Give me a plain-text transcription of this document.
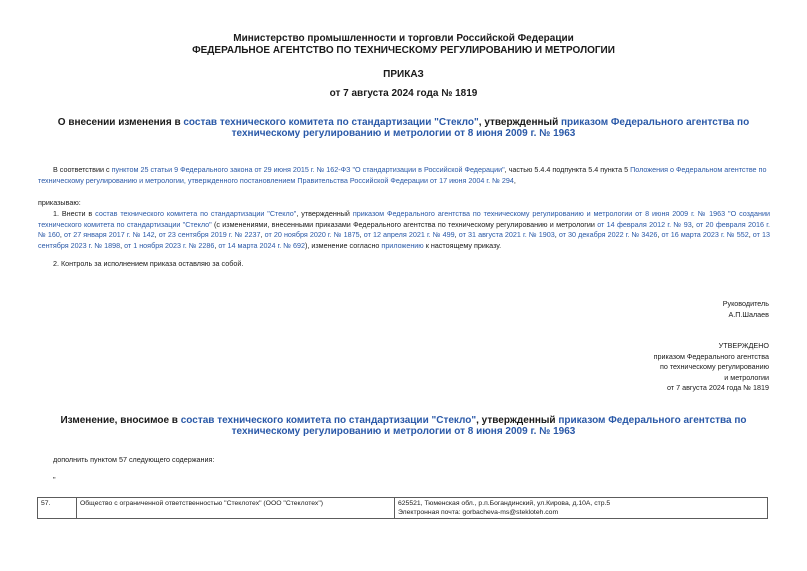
Министерство промышленности и торговли Российской Федерации
ФЕДЕРАЛЬНОЕ АГЕНТСТВО ПО ТЕХНИЧЕСКОМУ РЕГУЛИРОВАНИЮ И МЕТРОЛОГИИ
ПРИКАЗ
от 7 августа 2024 года № 1819
О внесении изменения в состав технического комитета по стандартизации "Стекло", утвержденный приказом Федерального агентства по техническому регулированию и метрологии от 8 июня 2009 г. № 1963
В соответствии с пунктом 25 статьи 9 Федерального закона от 29 июня 2015 г. № 162-ФЗ "О стандартизации в Российской Федерации", частью 5.4.4 подпункта 5.4 пункта 5 Положения о Федеральном агентстве по техническому регулированию и метрологии, утвержденного постановлением Правительства Российской Федерации от 17 июня 2004 г. № 294,
приказываю:
1. Внести в состав технического комитета по стандартизации "Стекло", утвержденный приказом Федерального агентства по техническому регулированию и метрологии от 8 июня 2009 г. № 1963 "О создании технического комитета по стандартизации "Стекло" (с изменениями, внесенными приказами Федерального агентства по техническому регулированию и метрологии от 14 февраля 2012 г. № 93, от 20 февраля 2016 г. № 160, от 27 января 2017 г. № 142, от 23 сентября 2019 г. № 2237, от 20 ноября 2020 г. № 1875, от 12 апреля 2021 г. № 499, от 31 августа 2021 г. № 1903, от 30 декабря 2022 г. № 3426, от 16 марта 2023 г. № 552, от 13 сентября 2023 г. № 1898, от 1 ноября 2023 г. № 2286, от 14 марта 2024 г. № 692), изменение согласно приложению к настоящему приказу.
2. Контроль за исполнением приказа оставляю за собой.
Руководитель
А.П.Шалаев
УТВЕРЖДЕНО
приказом Федерального агентства
по техническому регулированию
и метрологии
от 7 августа 2024 года № 1819
Изменение, вносимое в состав технического комитета по стандартизации "Стекло", утвержденный приказом Федерального агентства по техническому регулированию и метрологии от 8 июня 2009 г. № 1963
дополнить пунктом 57 следующего содержания:
"
57.	Общество с ограниченной ответственностью "Стеклотех" (ООО "Стеклотех")	625521, Тюменская обл., р.п.Богандинский, ул.Кирова, д.10А, стр.5
Электронная почта: gorbacheva-ms@stekloteh.com
